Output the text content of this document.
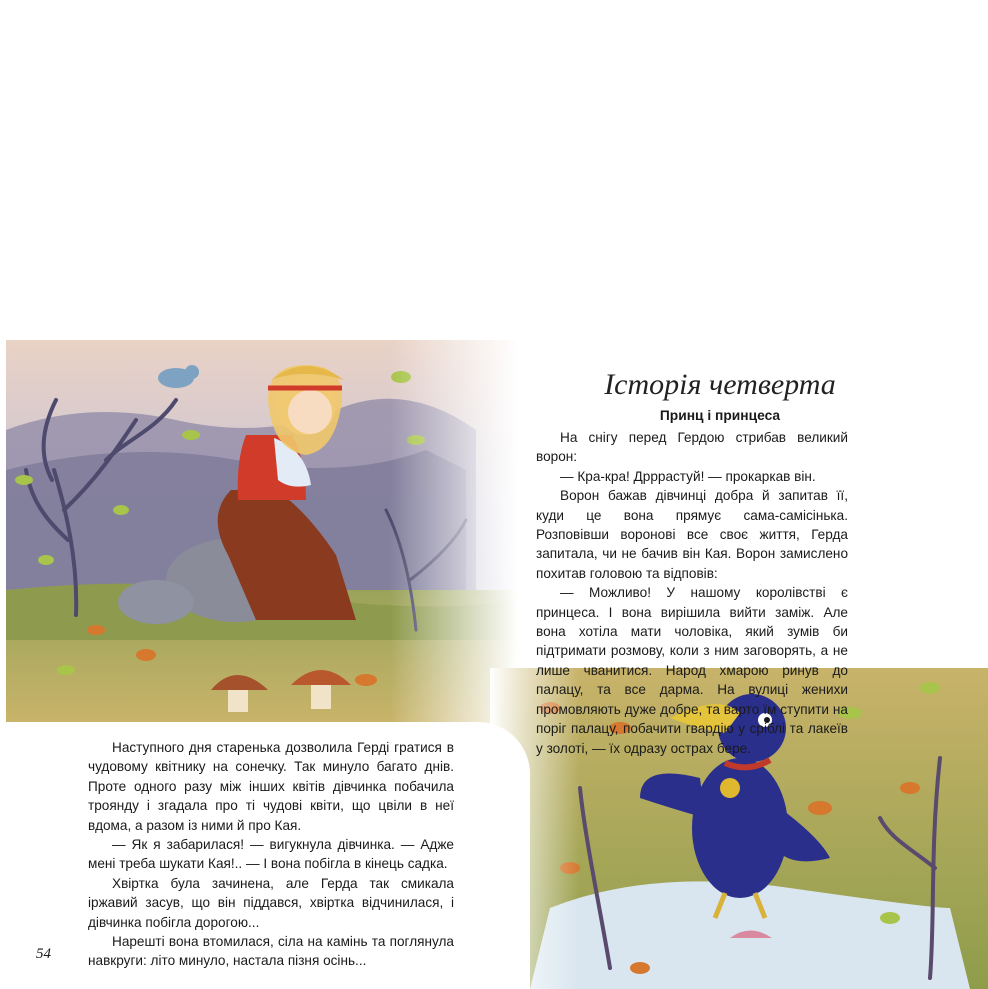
Історія четверта
Принц і принцеса

На снігу перед Гердою стрибав великий ворон:

— Кра-кра! Дрррастуй! — прокаркав він.

Ворон бажав дівчинці добра й запитав її, куди це вона прямує сама-самісінька. Розповівши воронові все своє життя, Герда запитала, чи не бачив він Кая. Ворон замислено похитав головою та відповів:

— Можливо! У нашому королівстві є принцеса. І вона вирішила вийти заміж. Але вона хотіла мати чоловіка, який зумів би підтримати розмову, коли з ним заговорять, а не лише чванитися. Народ хмарою ринув до палацу, та все дарма. На вулиці женихи промовляють дуже добре, та варто їм ступити на поріг палацу, побачити гвардію у сріблі та лакеїв у золоті, — їх одразу острах бере.

Наступного дня старенька дозволила Герді гратися в чудовому квітнику на сонечку. Так минуло багато днів. Проте одного разу між інших квітів дівчинка побачила троянду і згадала про ті чудові квіти, що цвіли в неї вдома, а разом із ними й про Кая.

— Як я забарилася! — вигукнула дівчинка. — Адже мені треба шукати Кая!.. — І вона побігла в кінець садка.

Хвіртка була зачинена, але Герда так смикала іржавий засув, що він піддався, хвіртка відчинилася, і дівчинка побігла дорогою...

Нарешті вона втомилася, сіла на камінь та поглянула навкруги: літо минуло, настала пізня осінь...

54
